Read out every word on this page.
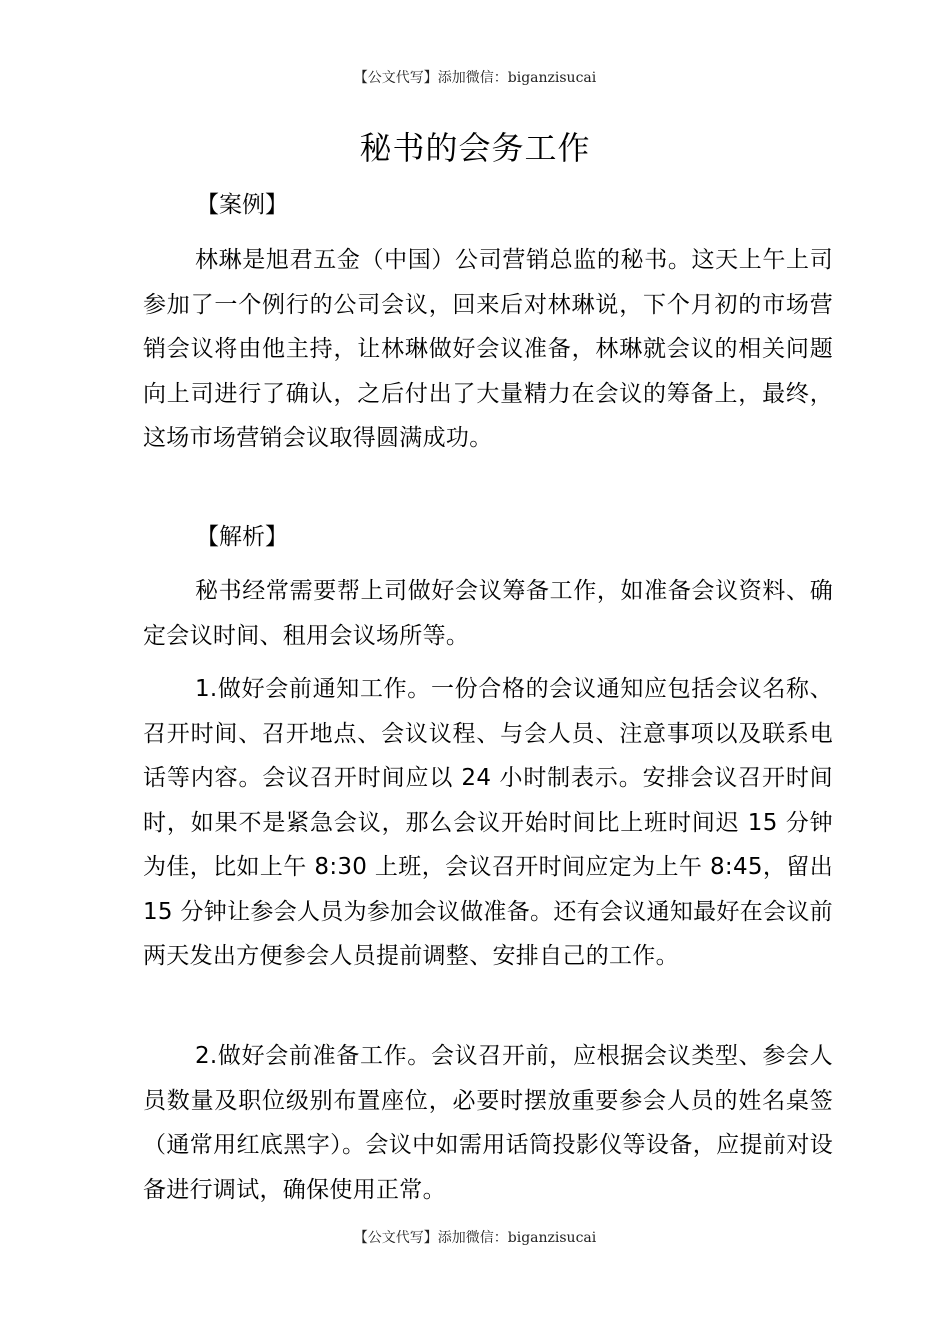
【公文代写】添加微信：biganzisucai
秘书的会务工作
【案例】

林琳是旭君五金（中国）公司营销总监的秘书。这天上午上司参加了一个例行的公司会议，回来后对林琳说，下个月初的市场营销会议将由他主持，让林琳做好会议准备，林琳就会议的相关问题向上司进行了确认，之后付出了大量精力在会议的筹备上，最终，这场市场营销会议取得圆满成功。

【解析】

秘书经常需要帮上司做好会议筹备工作，如准备会议资料、确定会议时间、租用会议场所等。

1.做好会前通知工作。一份合格的会议通知应包括会议名称、召开时间、召开地点、会议议程、与会人员、注意事项以及联系电话等内容。会议召开时间应以 24 小时制表示。安排会议召开时间时，如果不是紧急会议，那么会议开始时间比上班时间迟 15 分钟为佳，比如上午 8:30 上班，会议召开时间应定为上午 8:45，留出 15 分钟让参会人员为参加会议做准备。还有会议通知最好在会议前两天发出方便参会人员提前调整、安排自己的工作。

2.做好会前准备工作。会议召开前，应根据会议类型、参会人员数量及职位级别布置座位，必要时摆放重要参会人员的姓名桌签（通常用红底黑字）。会议中如需用话筒投影仪等设备，应提前对设备进行调试，确保使用正常。

【公文代写】添加微信：biganzisucai
